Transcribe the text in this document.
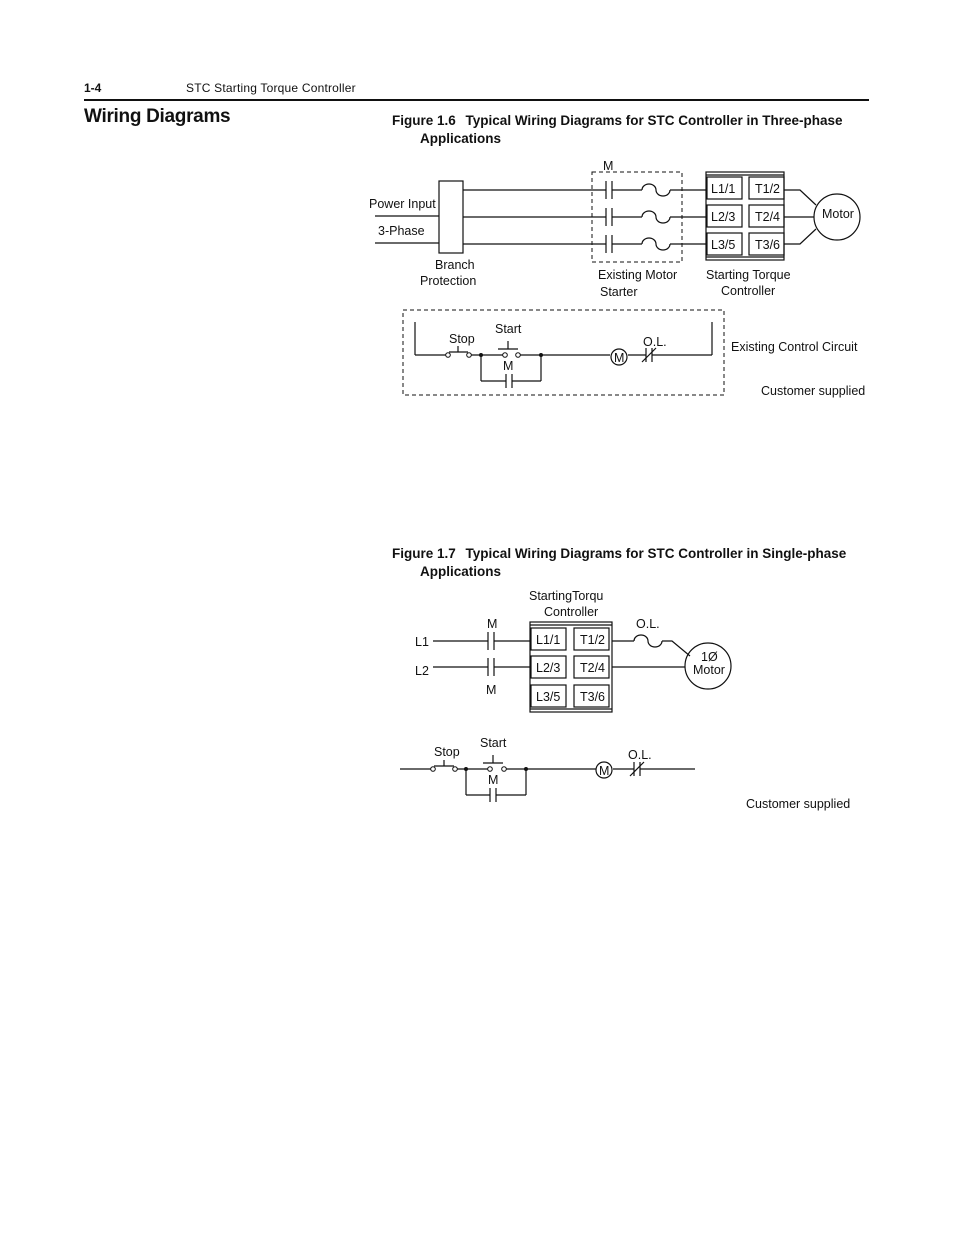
1-4	STC Starting Torque Controller
Wiring Diagrams	Figure 1.6 Typical Wiring Diagrams for STC Controller in Three-phase
Applications
Figure 1.7 Typical Wiring Diagrams for STC Controller in Single-phase
Applications
Power Input
3-Phase
Branch
Protection
M
Existing Motor
Starter
L1/1 T1/2
L2/3 T2/4
L3/5 T3/6
Starting Torque
Controller
Motor
M
Stop
Start
M
O.L.	Existing Control Circuit
Customer supplied
StartingTorqu
Controller
L1
L2
M
M
O.L.
L1/1 T1/2
L2/3 T2/4
L3/5 T3/6
1Ø
Motor
M
Stop
Start
M
O.L.
Customer supplied
